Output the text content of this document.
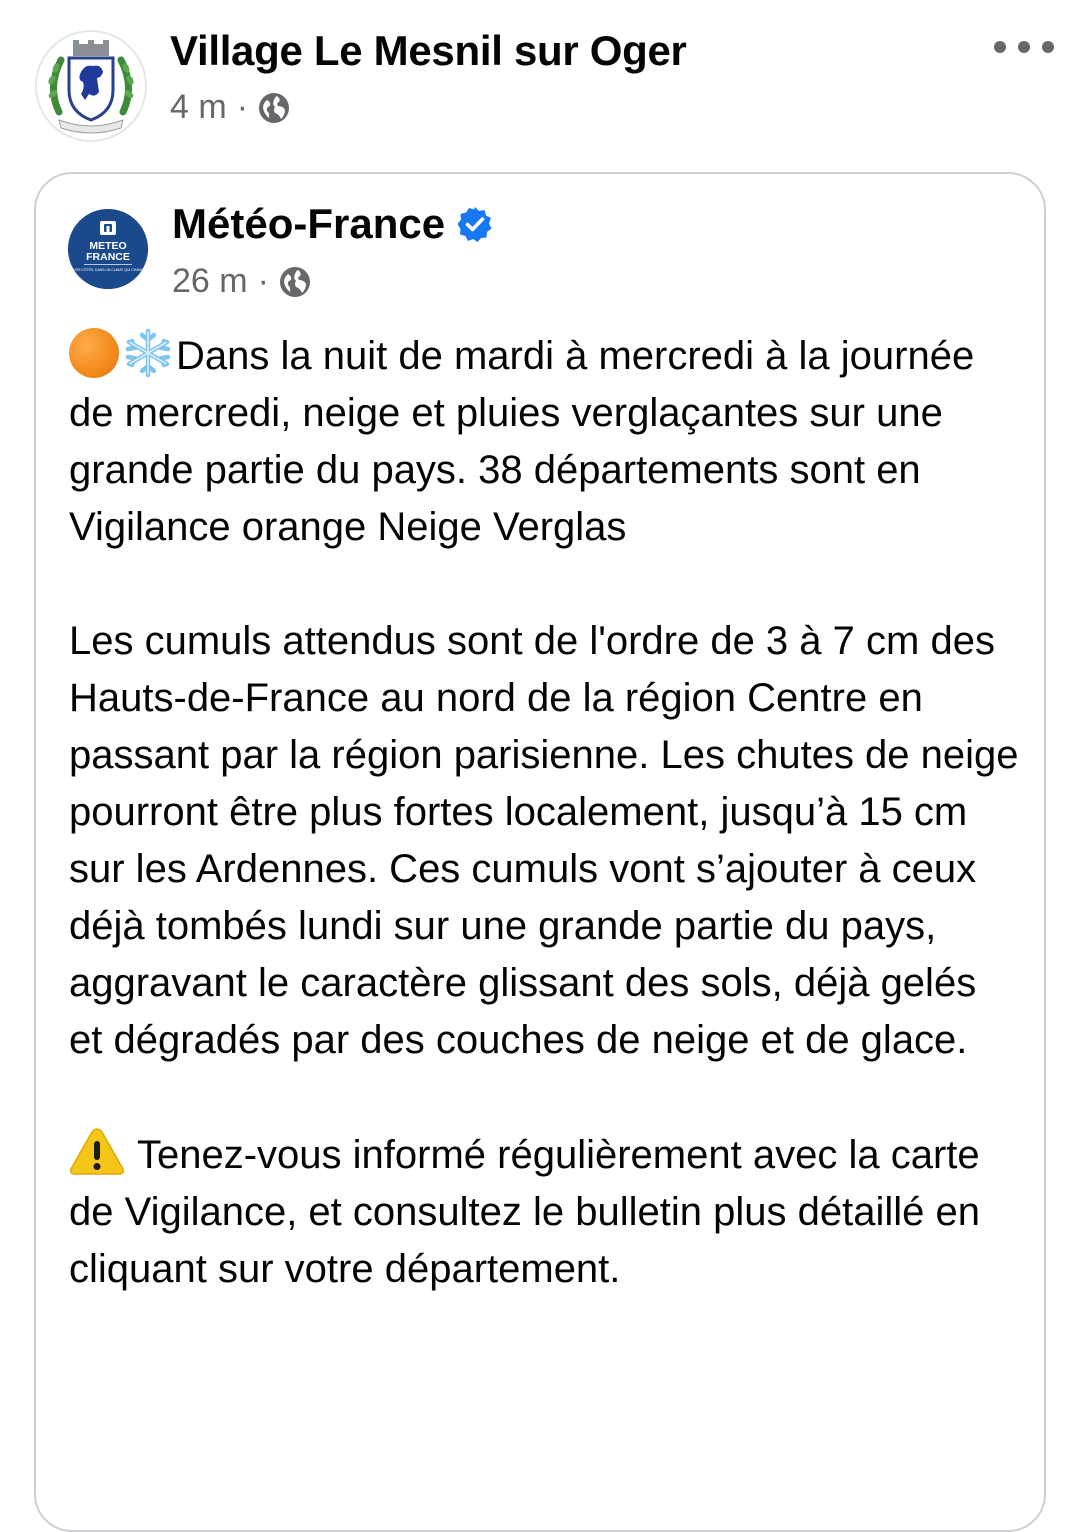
Village Le Mesnil sur Oger
4 m ·
METEO
FRANCE
À VOS CÔTÉS, DANS UN CLIMAT QUI CHANGE
Météo-France
26 m ·

Dans la nuit de mardi à mercredi à la journée de mercredi, neige et pluies verglaçantes sur une grande partie du pays. 38 départements sont en Vigilance orange Neige Verglas

Les cumuls attendus sont de l'ordre de 3 à 7 cm des Hauts-de-France au nord de la région Centre en passant par la région parisienne. Les chutes de neige pourront être plus fortes localement, jusqu’à 15 cm sur les Ardennes. Ces cumuls vont s’ajouter à ceux déjà tombés lundi sur une grande partie du pays, aggravant le caractère glissant des sols, déjà gelés et dégradés par des couches de neige et de glace.

Tenez-vous informé régulièrement avec la carte de Vigilance, et consultez le bulletin plus détaillé en cliquant sur votre département.
